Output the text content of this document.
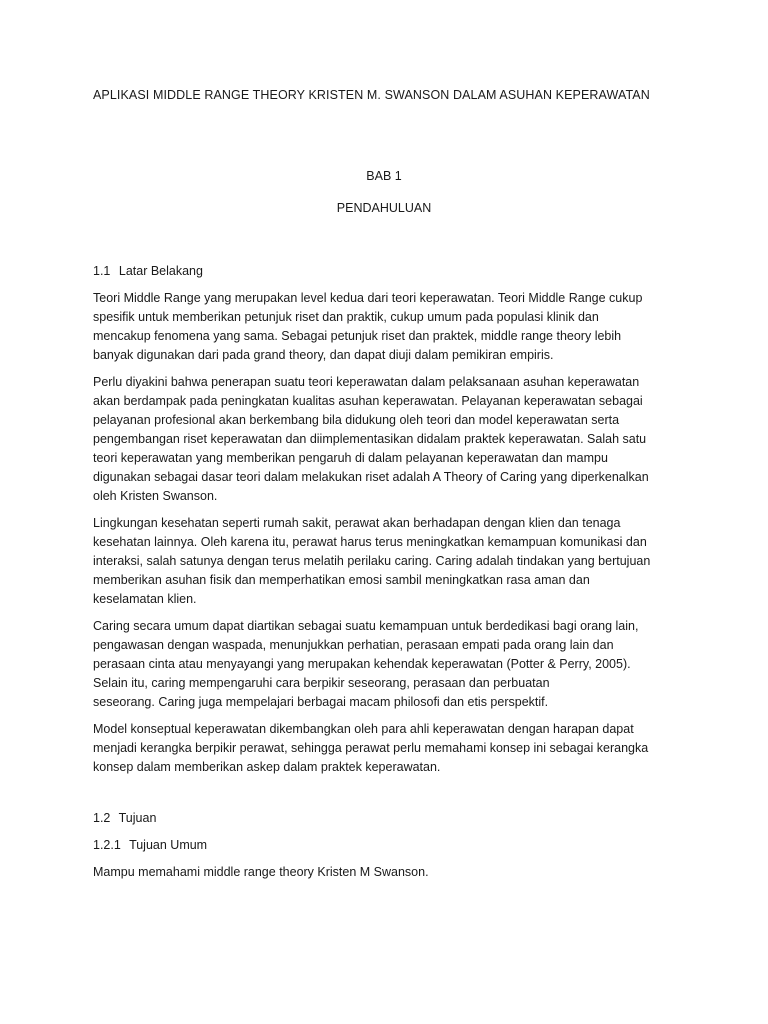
APLIKASI MIDDLE RANGE THEORY KRISTEN M. SWANSON DALAM ASUHAN KEPERAWATAN
BAB 1
PENDAHULUAN
1.1 Latar Belakang
Teori Middle Range yang merupakan level kedua dari teori keperawatan. Teori Middle Range cukup
spesifik untuk memberikan petunjuk riset dan praktik, cukup umum pada populasi klinik dan
mencakup fenomena yang sama. Sebagai petunjuk riset dan praktek, middle range theory lebih
banyak digunakan dari pada grand theory, dan dapat diuji dalam pemikiran empiris.
Perlu diyakini bahwa penerapan suatu teori keperawatan dalam pelaksanaan asuhan keperawatan
akan berdampak pada peningkatan kualitas asuhan keperawatan. Pelayanan keperawatan sebagai
pelayanan profesional akan berkembang bila didukung oleh teori dan model keperawatan serta
pengembangan riset keperawatan dan diimplementasikan didalam praktek keperawatan. Salah satu
teori keperawatan yang memberikan pengaruh di dalam pelayanan keperawatan dan mampu
digunakan sebagai dasar teori dalam melakukan riset adalah A Theory of Caring yang diperkenalkan
oleh Kristen Swanson.
Lingkungan kesehatan seperti rumah sakit, perawat akan berhadapan dengan klien dan tenaga
kesehatan lainnya. Oleh karena itu, perawat harus terus meningkatkan kemampuan komunikasi dan
interaksi, salah satunya dengan terus melatih perilaku caring. Caring adalah tindakan yang bertujuan
memberikan asuhan fisik dan memperhatikan emosi sambil meningkatkan rasa aman dan
keselamatan klien.
Caring secara umum dapat diartikan sebagai suatu kemampuan untuk berdedikasi bagi orang lain,
pengawasan dengan waspada, menunjukkan perhatian, perasaan empati pada orang lain dan
perasaan cinta atau menyayangi yang merupakan kehendak keperawatan (Potter & Perry, 2005).
Selain itu, caring mempengaruhi cara berpikir seseorang, perasaan dan perbuatan
seseorang. Caring juga mempelajari berbagai macam philosofi dan etis perspektif.
Model konseptual keperawatan dikembangkan oleh para ahli keperawatan dengan harapan dapat
menjadi kerangka berpikir perawat, sehingga perawat perlu memahami konsep ini sebagai kerangka
konsep dalam memberikan askep dalam praktek keperawatan.
1.2 Tujuan
1.2.1 Tujuan Umum
Mampu memahami middle range theory Kristen M Swanson.
